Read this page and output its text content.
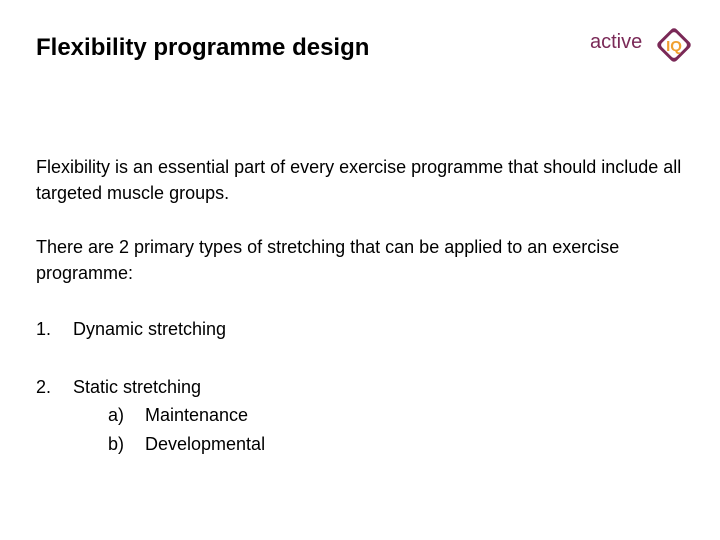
Flexibility programme design	active IQ

Flexibility is an essential part of every exercise programme that should include all targeted muscle groups.

There are 2 primary types of stretching that can be applied to an exercise programme:

1. Dynamic stretching
2. Static stretching
a) Maintenance
b) Developmental
